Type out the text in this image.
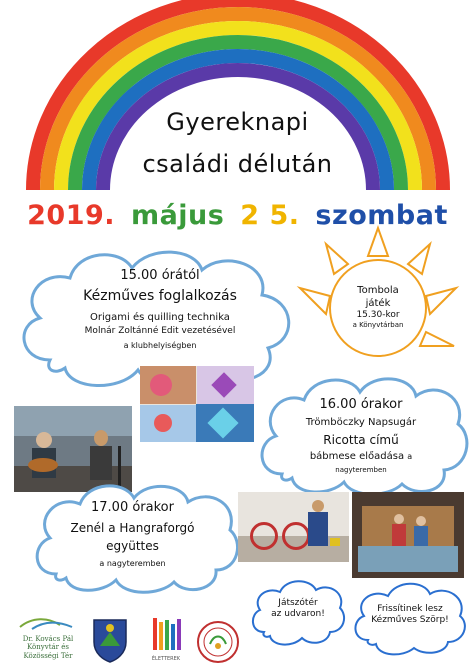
Gyereknapi
családi délután
2019. május 2 5. szombat
Tombola
játék
15.30-kor
a Könyvtárban
15.00 órától
Kézműves foglalkozás
Origami és quilling technika
Molnár Zoltánné Edit vezetésével
a klubhelyiségben
16.00 órakor
Trömböczky Napsugár
Ricotta című
bábmese előadása a
nagyteremben
17.00 órakor
Zenél a Hangraforgó
együttes
a nagyteremben
Játszótér
az udvaron!
Frissítinek lesz
Kézműves Szörp!
Dr. Kovács Pál
Könyvtár és
Közösségi Tér	ÉLETTEREK
